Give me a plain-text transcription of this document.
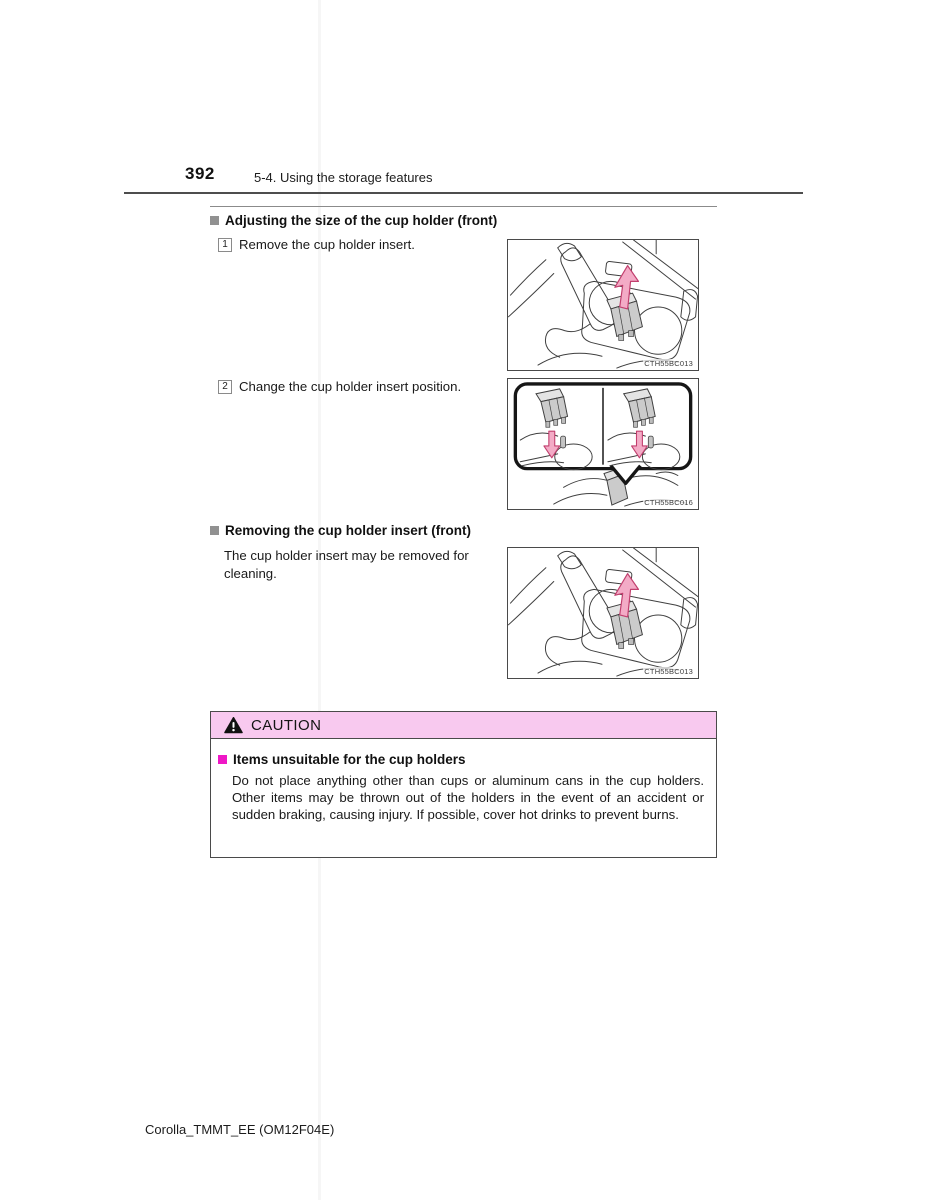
392	5-4. Using the storage features
Adjusting the size of the cup holder (front)
1 Remove the cup holder insert.
CTH55BC013
2 Change the cup holder insert position.
CTH55BC016
Removing the cup holder insert (front)
The cup holder insert may be removed for cleaning.
CTH55BC013
CAUTION
Items unsuitable for the cup holders
Do not place anything other than cups or aluminum cans in the cup holders. Other items may be thrown out of the holders in the event of an accident or sudden braking, causing injury. If possible, cover hot drinks to prevent burns.
Corolla_TMMT_EE (OM12F04E)
